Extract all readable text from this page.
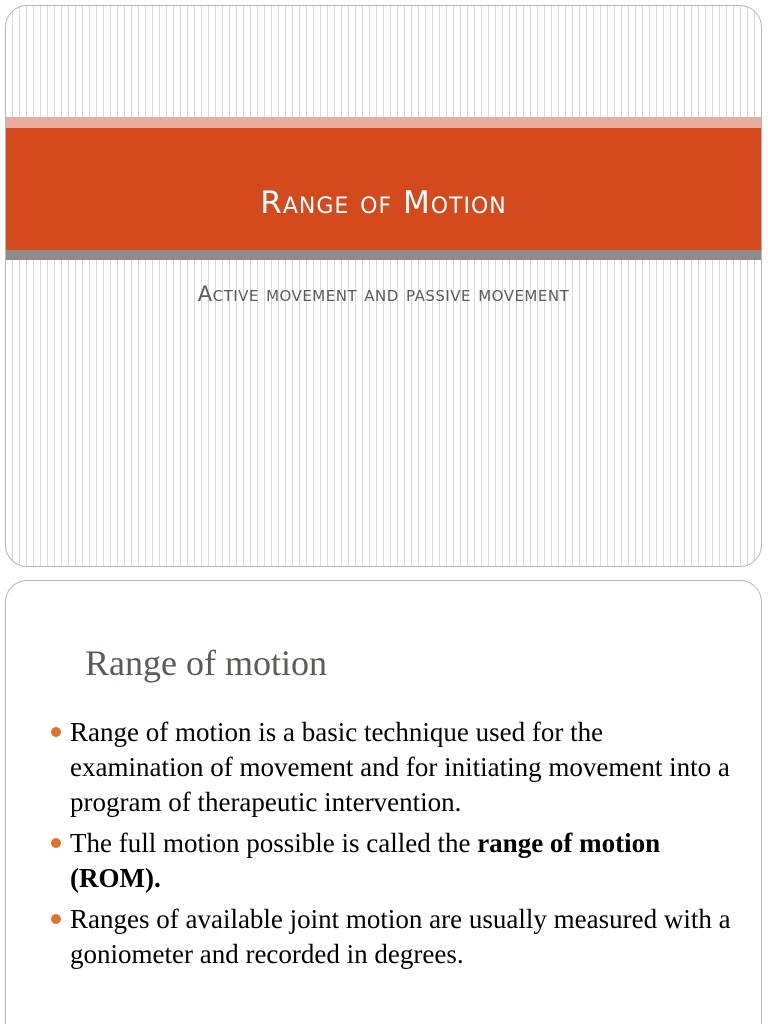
Range of Motion
Active movement and passive movement
Range of motion
Range of motion is a basic technique used for the examination of movement and for initiating movement into a program of therapeutic intervention.
The full motion possible is called the range of motion (ROM).
Ranges of available joint motion are usually measured with a goniometer and recorded in degrees.
